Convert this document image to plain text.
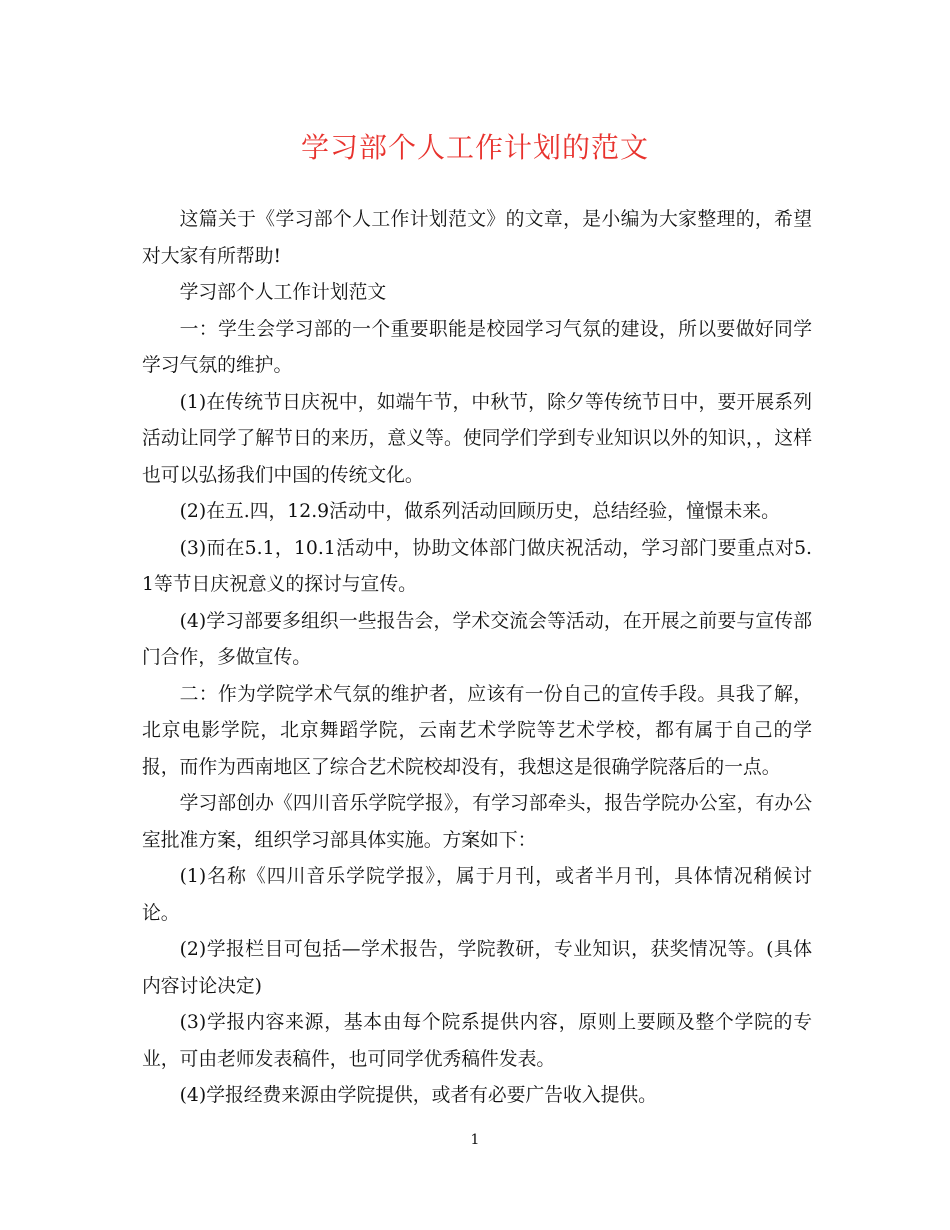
学习部个人工作计划的范文

这篇关于《学习部个人工作计划范文》的文章，是小编为大家整理的，希望对大家有所帮助!

学习部个人工作计划范文

一：学生会学习部的一个重要职能是校园学习气氛的建设，所以要做好同学学习气氛的维护。

(1)在传统节日庆祝中，如端午节，中秋节，除夕等传统节日中，要开展系列活动让同学了解节日的来历，意义等。使同学们学到专业知识以外的知识，，这样也可以弘扬我们中国的传统文化。

(2)在五.四，12.9活动中，做系列活动回顾历史，总结经验，憧憬未来。

(3)而在5.1，10.1活动中，协助文体部门做庆祝活动，学习部门要重点对5.1等节日庆祝意义的探讨与宣传。

(4)学习部要多组织一些报告会，学术交流会等活动，在开展之前要与宣传部门合作，多做宣传。

二：作为学院学术气氛的维护者，应该有一份自己的宣传手段。具我了解，北京电影学院，北京舞蹈学院，云南艺术学院等艺术学校，都有属于自己的学报，而作为西南地区了综合艺术院校却没有，我想这是很确学院落后的一点。

学习部创办《四川音乐学院学报》，有学习部牵头，报告学院办公室，有办公室批准方案，组织学习部具体实施。方案如下：

(1)名称《四川音乐学院学报》，属于月刊，或者半月刊，具体情况稍候讨论。

(2)学报栏目可包括—学术报告，学院教研，专业知识，获奖情况等。(具体内容讨论决定)

(3)学报内容来源，基本由每个院系提供内容，原则上要顾及整个学院的专业，可由老师发表稿件，也可同学优秀稿件发表。

(4)学报经费来源由学院提供，或者有必要广告收入提供。

1
